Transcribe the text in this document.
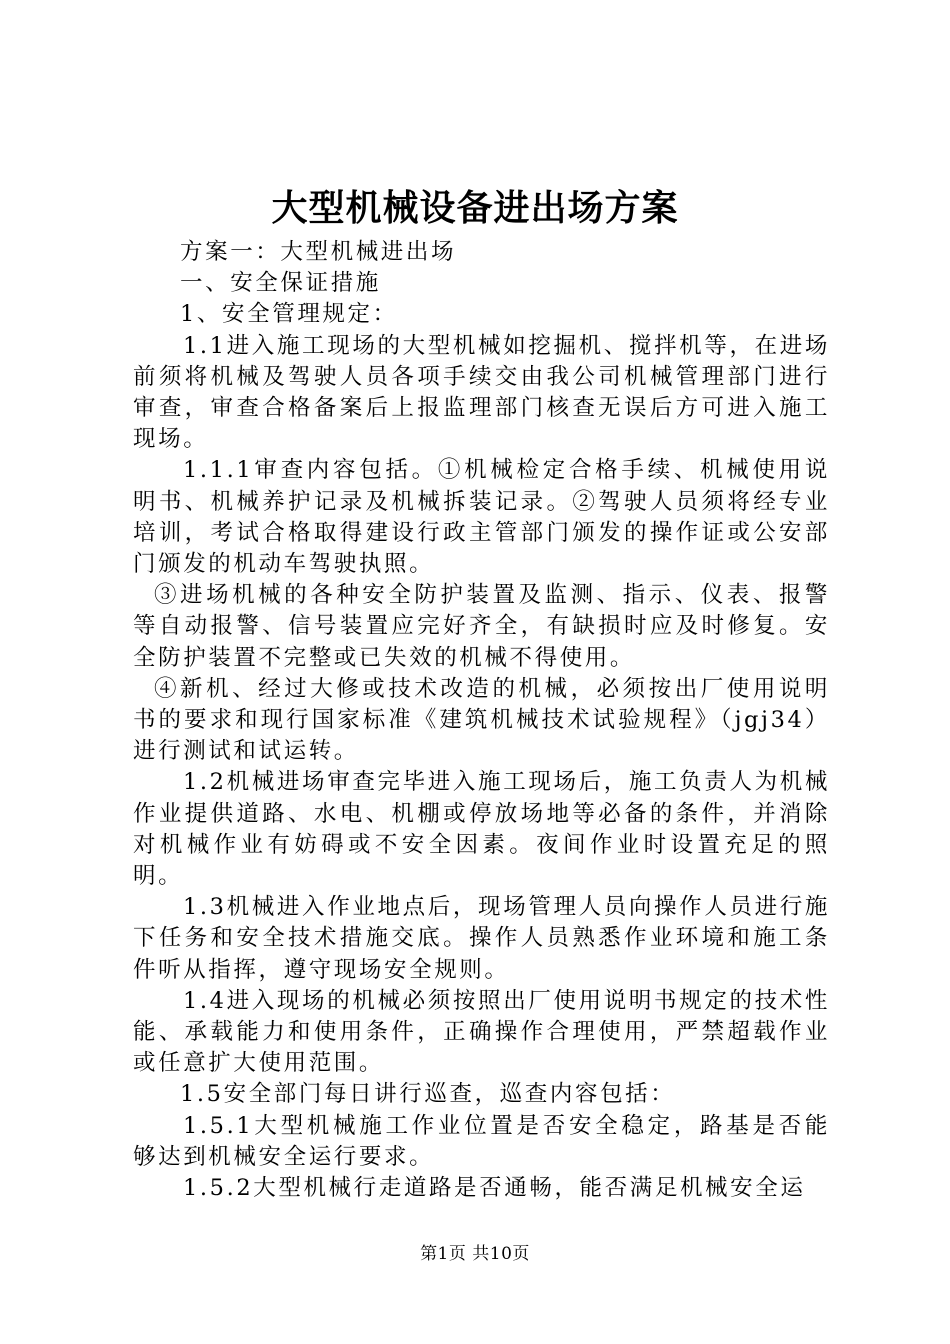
大型机械设备进出场方案

方案一：大型机械进出场

一、安全保证措施

1、安全管理规定：

1.1进入施工现场的大型机械如挖掘机、搅拌机等，在进场前须将机械及驾驶人员各项手续交由我公司机械管理部门进行审查，审查合格备案后上报监理部门核查无误后方可进入施工现场。

1.1.1审查内容包括。①机械检定合格手续、机械使用说明书、机械养护记录及机械拆装记录。②驾驶人员须将经专业培训，考试合格取得建设行政主管部门颁发的操作证或公安部门颁发的机动车驾驶执照。

③进场机械的各种安全防护装置及监测、指示、仪表、报警等自动报警、信号装置应完好齐全，有缺损时应及时修复。安全防护装置不完整或已失效的机械不得使用。

④新机、经过大修或技术改造的机械，必须按出厂使用说明书的要求和现行国家标准《建筑机械技术试验规程》（jgj34）进行测试和试运转。

1.2机械进场审查完毕进入施工现场后，施工负责人为机械作业提供道路、水电、机棚或停放场地等必备的条件，并消除对机械作业有妨碍或不安全因素。夜间作业时设置充足的照明。

1.3机械进入作业地点后，现场管理人员向操作人员进行施下任务和安全技术措施交底。操作人员熟悉作业环境和施工条件听从指挥，遵守现场安全规则。

1.4进入现场的机械必须按照出厂使用说明书规定的技术性能、承载能力和使用条件，正确操作合理使用，严禁超载作业或任意扩大使用范围。

1.5安全部门每日讲行巡查，巡查内容包括：

1.5.1大型机械施工作业位置是否安全稳定，路基是否能够达到机械安全运行要求。

1.5.2大型机械行走道路是否通畅，能否满足机械安全运

第1页 共10页
